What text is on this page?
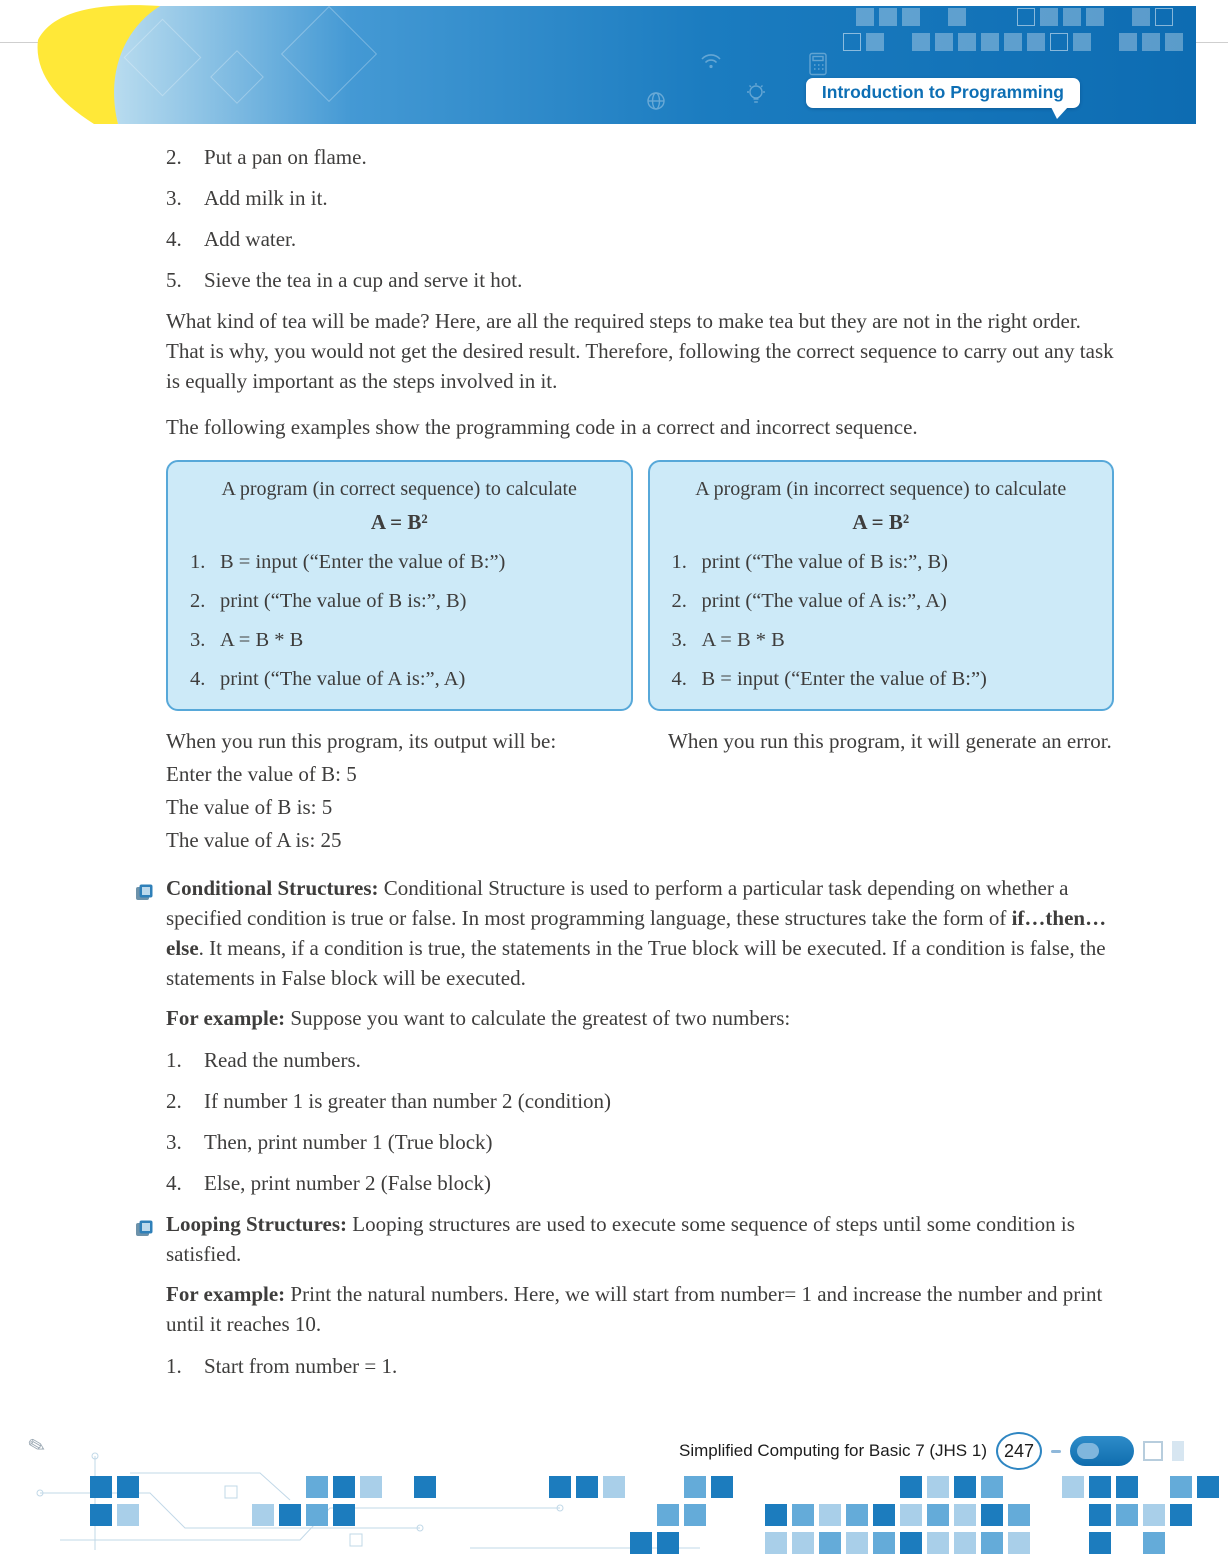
Introduction to Programming
2.	Put a pan on flame.
3.	Add milk in it.
4.	Add water.
5.	Sieve the tea in a cup and serve it hot.

What kind of tea will be made? Here, are all the required steps to make tea but they are not in the right order. That is why, you would not get the desired result. Therefore, following the correct sequence to carry out any task is equally important as the steps involved in it.

The following examples show the programming code in a correct and incorrect sequence.

A program (in correct sequence) to calculate
A = B²
1. B = input (“Enter the value of B:”)
2. print (“The value of B is:”, B)
3. A = B * B
4. print (“The value of A is:”, A)
A program (in incorrect sequence) to calculate
A = B²
1. print (“The value of B is:”, B)
2. print (“The value of A is:”, A)
3. A = B * B
4. B = input (“Enter the value of B:”)
When you run this program, its output will be:
Enter the value of B: 5
The value of B is: 5
The value of A is: 25
When you run this program, it will generate an error.

Conditional Structures: Conditional Structure is used to perform a particular task depending on whether a specified condition is true or false. In most programming language, these structures take the form of if…then…else. It means, if a condition is true, the statements in the True block will be executed. If a condition is false, the statements in False block will be executed.

For example: Suppose you want to calculate the greatest of two numbers:

1.	Read the numbers.
2.	If number 1 is greater than number 2 (condition)
3.	Then, print number 1 (True block)
4.	Else, print number 2 (False block)

Looping Structures: Looping structures are used to execute some sequence of steps until some condition is satisfied.

For example: Print the natural numbers. Here, we will start from number= 1 and increase the number and print until it reaches 10.

1.	Start from number = 1.
✎	Simplified Computing for Basic 7 (JHS 1) 247
